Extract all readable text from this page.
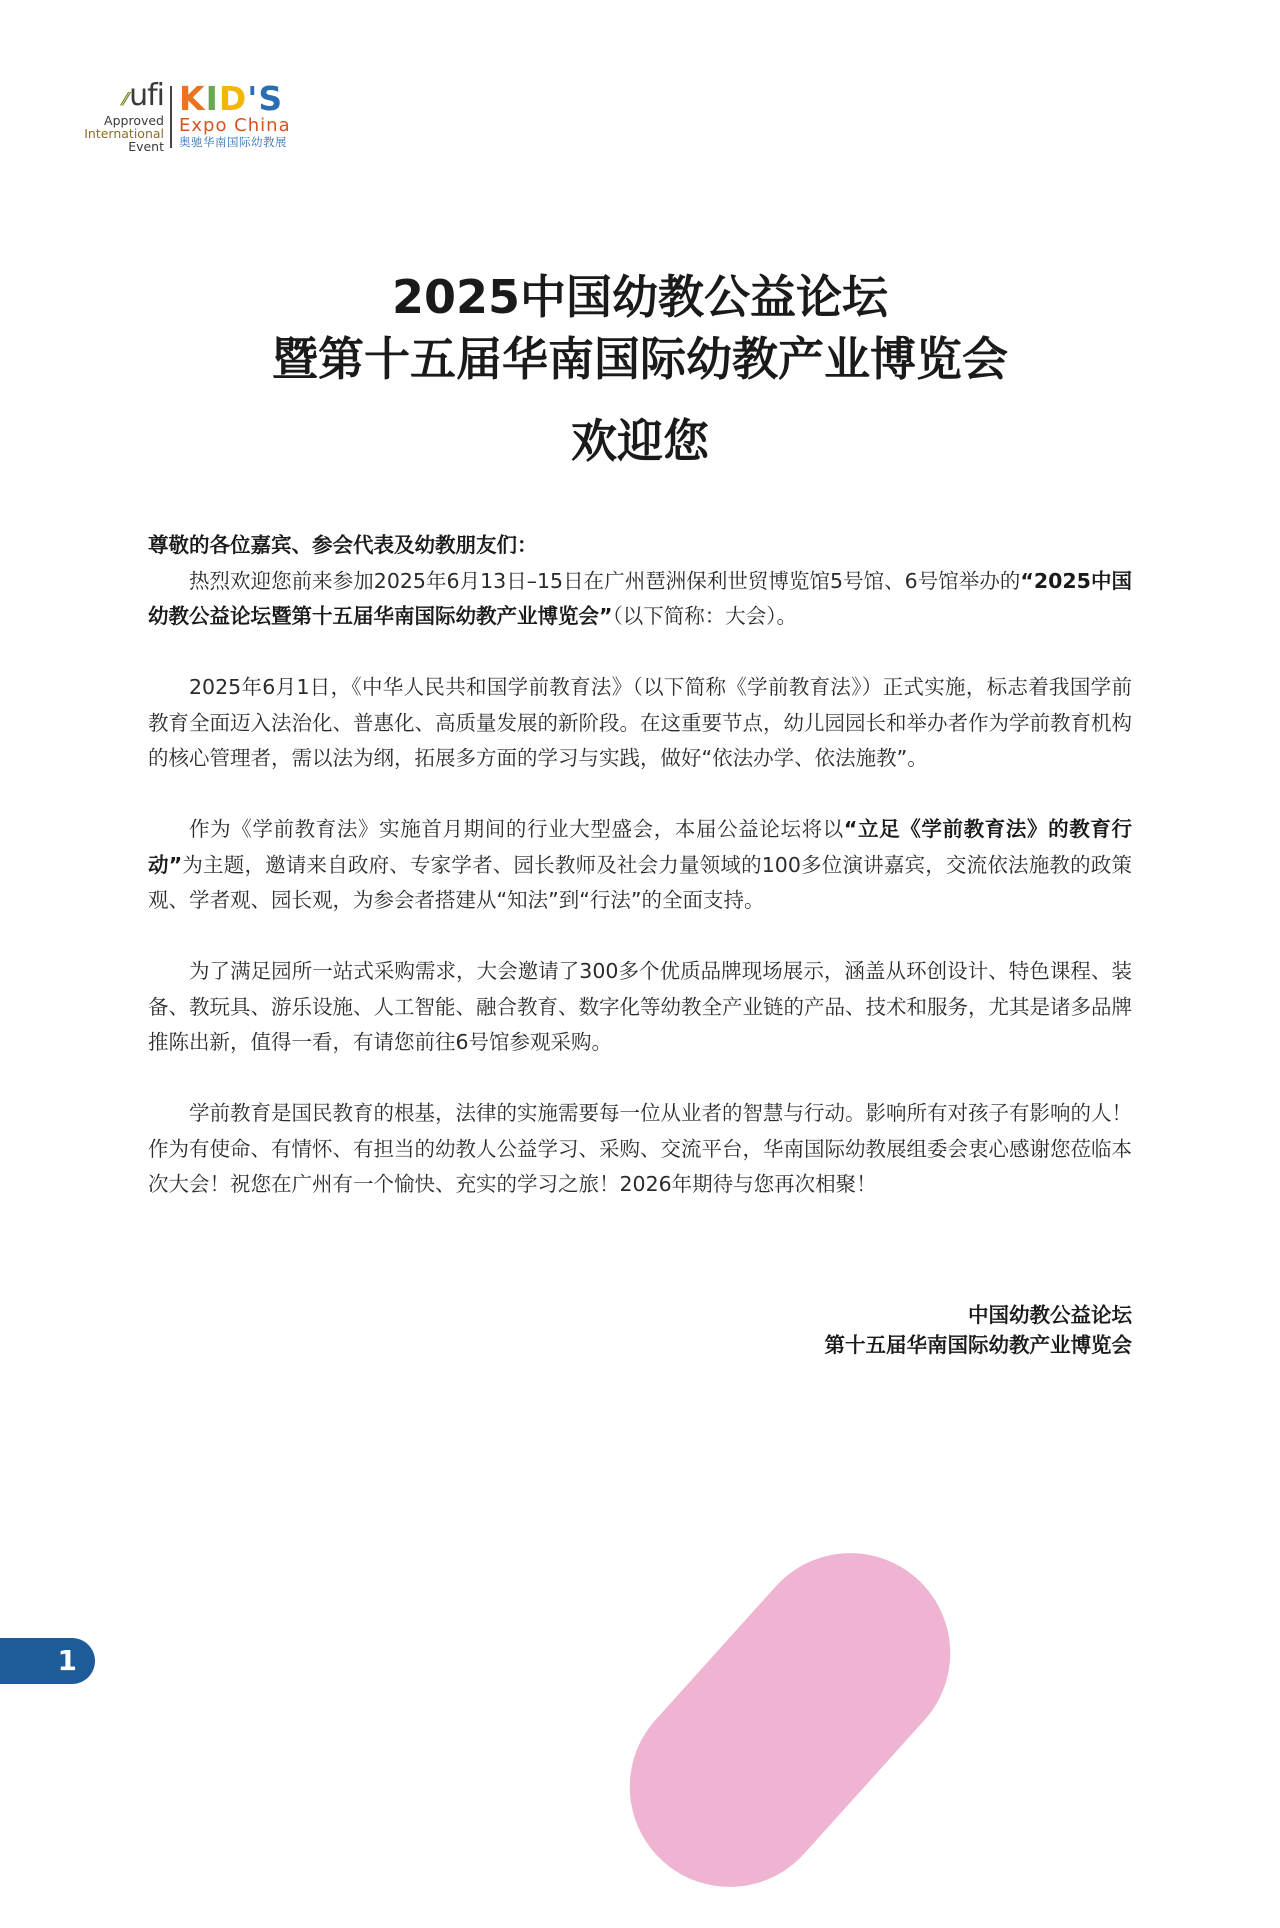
⁄⁄ufi
Approved
International
Event
KID'S
Expo China
奥驰华南国际幼教展
2025中国幼教公益论坛
暨第十五届华南国际幼教产业博览会
欢迎您

尊敬的各位嘉宾、参会代表及幼教朋友们：

热烈欢迎您前来参加2025年6月13日–15日在广州琶洲保利世贸博览馆5号馆、6号馆举办的“2025中国幼教公益论坛暨第十五届华南国际幼教产业博览会”（以下简称：大会）。

2025年6月1日，《中华人民共和国学前教育法》（以下简称《学前教育法》）正式实施，标志着我国学前教育全面迈入法治化、普惠化、高质量发展的新阶段。在这重要节点，幼儿园园长和举办者作为学前教育机构的核心管理者，需以法为纲，拓展多方面的学习与实践，做好“依法办学、依法施教”。

作为《学前教育法》实施首月期间的行业大型盛会，本届公益论坛将以“立足《学前教育法》的教育行动”为主题，邀请来自政府、专家学者、园长教师及社会力量领域的100多位演讲嘉宾，交流依法施教的政策观、学者观、园长观，为参会者搭建从“知法”到“行法”的全面支持。

为了满足园所一站式采购需求，大会邀请了300多个优质品牌现场展示，涵盖从环创设计、特色课程、装备、教玩具、游乐设施、人工智能、融合教育、数字化等幼教全产业链的产品、技术和服务，尤其是诸多品牌推陈出新，值得一看，有请您前往6号馆参观采购。

学前教育是国民教育的根基，法律的实施需要每一位从业者的智慧与行动。影响所有对孩子有影响的人！作为有使命、有情怀、有担当的幼教人公益学习、采购、交流平台，华南国际幼教展组委会衷心感谢您莅临本次大会！祝您在广州有一个愉快、充实的学习之旅！2026年期待与您再次相聚！

中国幼教公益论坛
第十五届华南国际幼教产业博览会
1
